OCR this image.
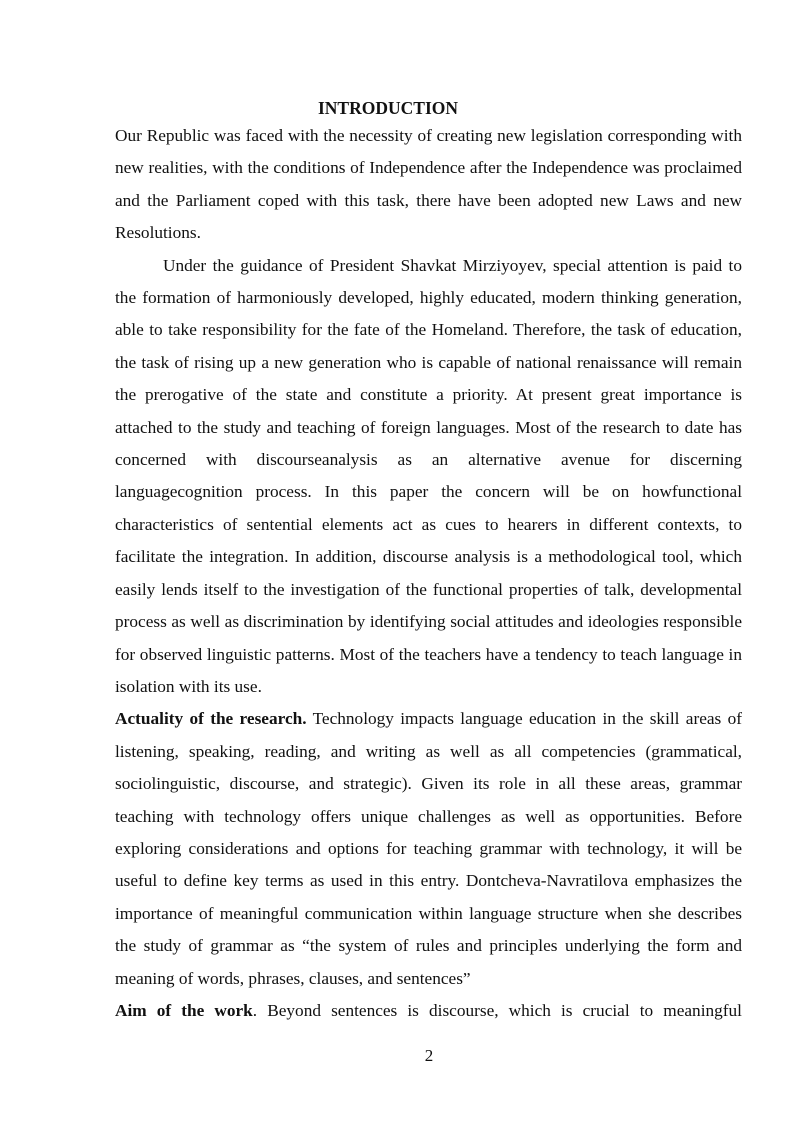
INTRODUCTION

Our Republic was faced with the necessity of creating new legislation corresponding with new realities, with the conditions of Independence after the Independence was proclaimed and the Parliament coped with this task, there have been adopted new Laws and new Resolutions.

Under the guidance of President Shavkat Mirziyoyev, special attention is paid to the formation of harmoniously developed, highly educated, modern thinking generation, able to take responsibility for the fate of the Homeland. Therefore, the task of education, the task of rising up a new generation who is capable of national renaissance will remain the prerogative of the state and constitute a priority. At present great importance is attached to the study and teaching of foreign languages. Most of the research to date has concerned with discourseanalysis as an alternative avenue for discerning languagecognition process. In this paper the concern will be on howfunctional characteristics of sentential elements act as cues to hearers in different contexts, to facilitate the integration. In addition, discourse analysis is a methodological tool, which easily lends itself to the investigation of the functional properties of talk, developmental process as well as discrimination by identifying social attitudes and ideologies responsible for observed linguistic patterns. Most of the teachers have a tendency to teach language in isolation with its use.

Actuality of the research. Technology impacts language education in the skill areas of listening, speaking, reading, and writing as well as all competencies (grammatical, sociolinguistic, discourse, and strategic). Given its role in all these areas, grammar teaching with technology offers unique challenges as well as opportunities. Before exploring considerations and options for teaching grammar with technology, it will be useful to define key terms as used in this entry. Dontcheva-Navratilova emphasizes the importance of meaningful communication within language structure when she describes the study of grammar as “the system of rules and principles underlying the form and meaning of words, phrases, clauses, and sentences”

Aim of the work. Beyond sentences is discourse, which is crucial to meaningful

2
